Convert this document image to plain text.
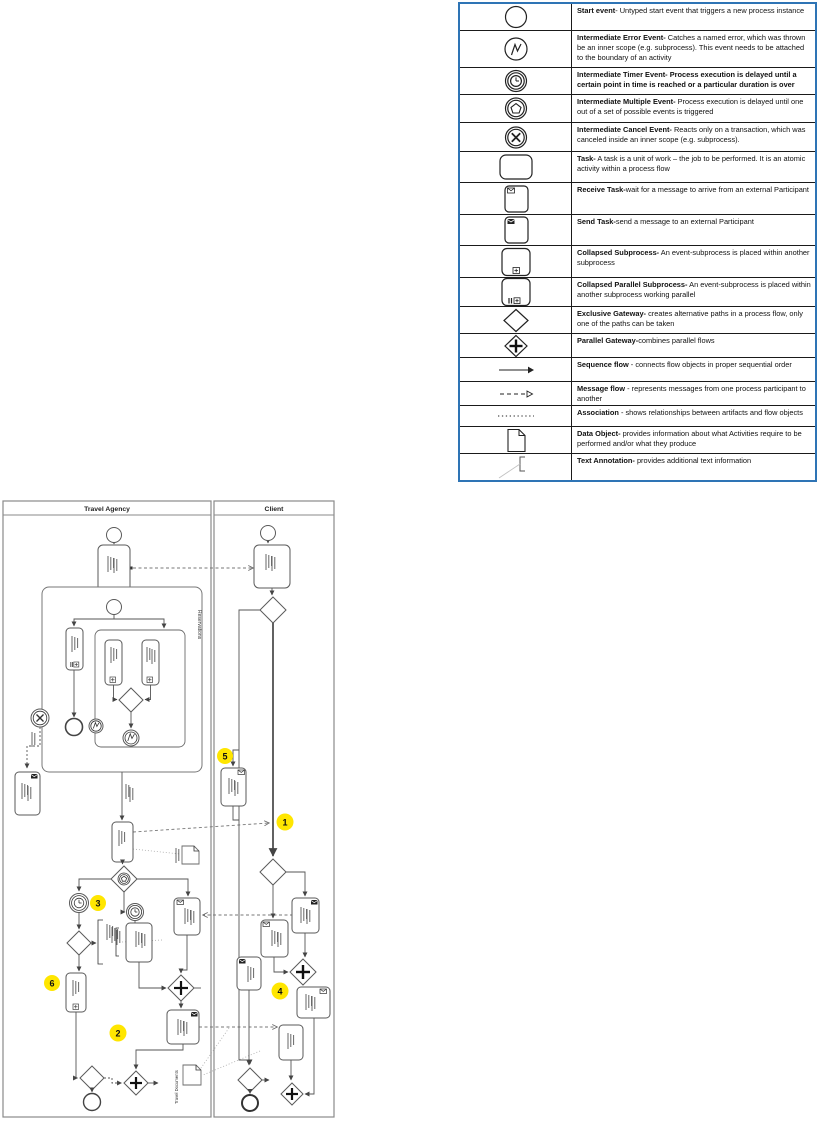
Start event- Untyped start event that triggers a new process instance
Intermediate Error Event- Catches a named error, which was thrown be an inner scope (e.g. subprocess). This event needs to be attached to the boundary of an activity
Intermediate Timer Event- Process execution is delayed until a certain point in time is reached or a particular duration is over
Intermediate Multiple Event- Process execution is delayed until one out of a set of possible events is triggered
Intermediate Cancel Event- Reacts only on a transaction, which was canceled inside an inner scope (e.g. subprocess).
Task- A task is a unit of work – the job to be performed. It is an atomic activity within a process flow
Receive Task-wait for a message to arrive from an external Participant
Send Task-send a message to an external Participant
Collapsed Subprocess- An event-subprocess is placed within another subprocess
Collapsed Parallel Subprocess- An event-subprocess is placed within another subprocess working parallel
Exclusive Gateway- creates alternative paths in a process flow, only one of the paths can be taken
Parallel Gateway-combines parallel flows
Sequence flow - connects flow objects in proper sequential order
Message flow - represents messages from one process participant to another
Association - shows relationships between artifacts and flow objects
Data Object- provides information about what Activities require to be performed and/or what they produce
Text Annotation- provides additional text information
Travel Agency	Client
Reservations
Travel Documents
1
2
3
4
5
6
